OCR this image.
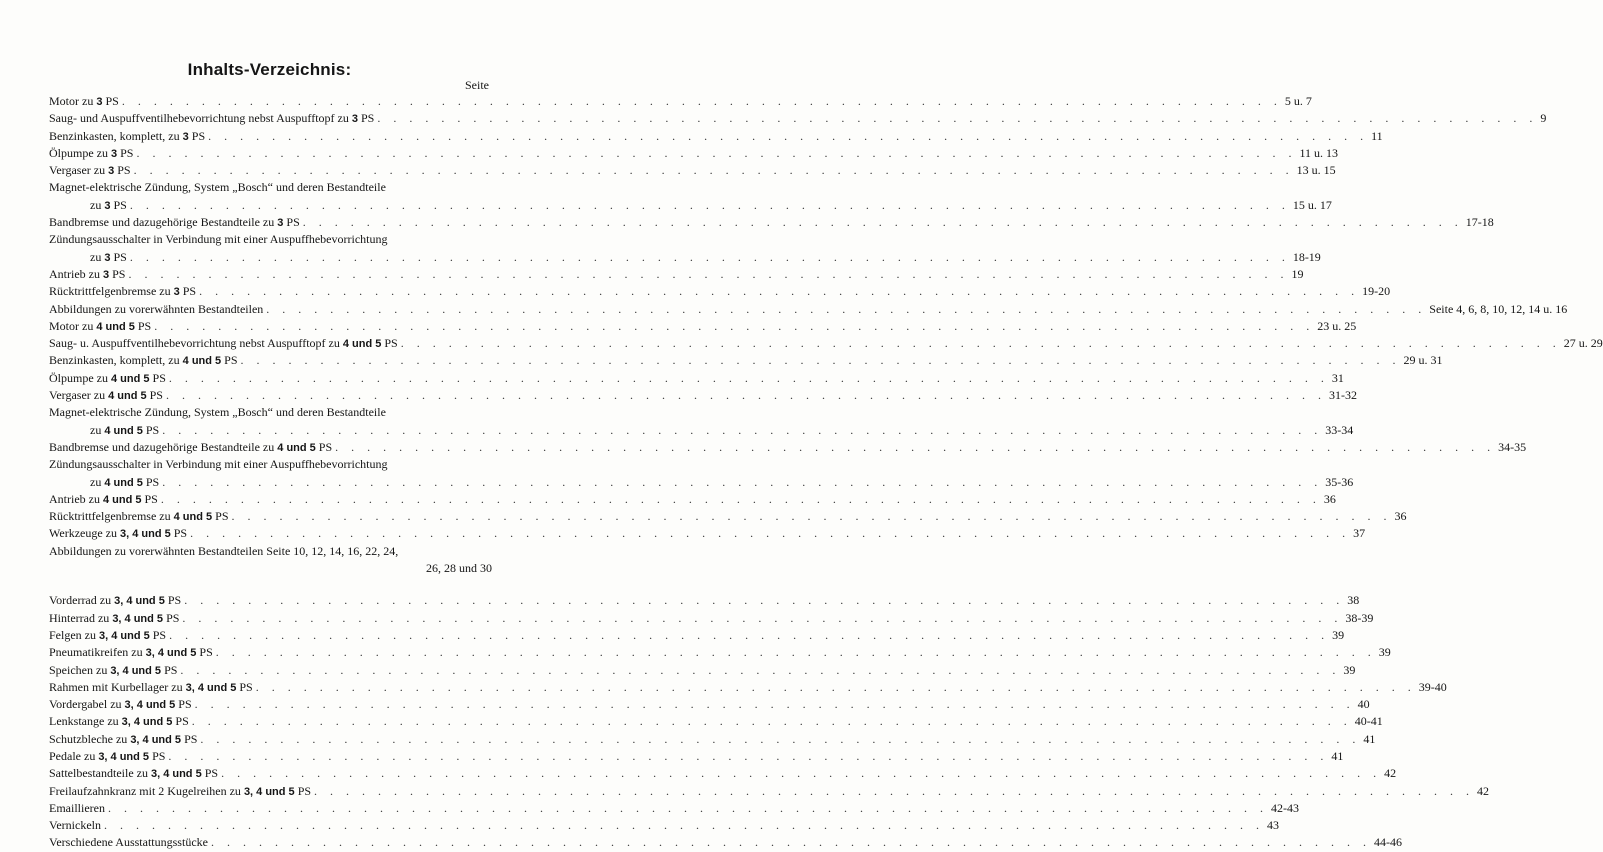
Inhalts-Verzeichnis:
Seite
Motor zu 3 PS . . .	5 u. 7
Saug- und Auspuffventilhebevorrichtung nebst Auspufftopf zu 3 PS . . .	9
Benzinkasten, komplett, zu 3 PS . . .	11
Ölpumpe zu 3 PS . . .	11 u. 13
Vergaser zu 3 PS . . .	13 u. 15
Magnet-elektrische Zündung, System „Bosch“ und deren Bestandteile
zu 3 PS . . .	15 u. 17
Bandbremse und dazugehörige Bestandteile zu 3 PS . . .	17-18
Zündungsausschalter in Verbindung mit einer Auspuffhebevorrichtung
zu 3 PS . . .	18-19
Antrieb zu 3 PS . . .	19
Rücktrittfelgenbremse zu 3 PS . . .	19-20
Abbildungen zu vorerwähnten Bestandteilen . . .	Seite 4, 6, 8, 10, 12, 14 u. 16
Motor zu 4 und 5 PS . . .	23 u. 25
Saug- u. Auspuffventilhebevorrichtung nebst Auspufftopf zu 4 und 5 PS . . .	27 u. 29
Benzinkasten, komplett, zu 4 und 5 PS . . .	29 u. 31
Ölpumpe zu 4 und 5 PS . . .	31
Vergaser zu 4 und 5 PS . . .	31-32
Magnet-elektrische Zündung, System „Bosch“ und deren Bestandteile
zu 4 und 5 PS . . .	33-34
Bandbremse und dazugehörige Bestandteile zu 4 und 5 PS . . .	34-35
Zündungsausschalter in Verbindung mit einer Auspuffhebevorrichtung
zu 4 und 5 PS . . .	35-36
Antrieb zu 4 und 5 PS . . .	36
Rücktrittfelgenbremse zu 4 und 5 PS . . .	36
Werkzeuge zu 3, 4 und 5 PS . . .	37
Abbildungen zu vorerwähnten Bestandteilen Seite 10, 12, 14, 16, 22, 24,
26, 28 und 30
Vorderrad zu 3, 4 und 5 PS . . .	38
Hinterrad zu 3, 4 und 5 PS . . .	38-39
Felgen zu 3, 4 und 5 PS . . .	39
Pneumatikreifen zu 3, 4 und 5 PS . . .	39
Speichen zu 3, 4 und 5 PS . . .	39
Rahmen mit Kurbellager zu 3, 4 und 5 PS . . .	39-40
Vordergabel zu 3, 4 und 5 PS . . .	40
Lenkstange zu 3, 4 und 5 PS . . .	40-41
Schutzbleche zu 3, 4 und 5 PS . . .	41
Pedale zu 3, 4 und 5 PS . . .	41
Sattelbestandteile zu 3, 4 und 5 PS . . .	42
Freilaufzahnkranz mit 2 Kugelreihen zu 3, 4 und 5 PS . . .	42
Emaillieren . . .	42-43
Vernickeln . . .	43
Verschiedene Ausstattungsstücke . . .	44-46
